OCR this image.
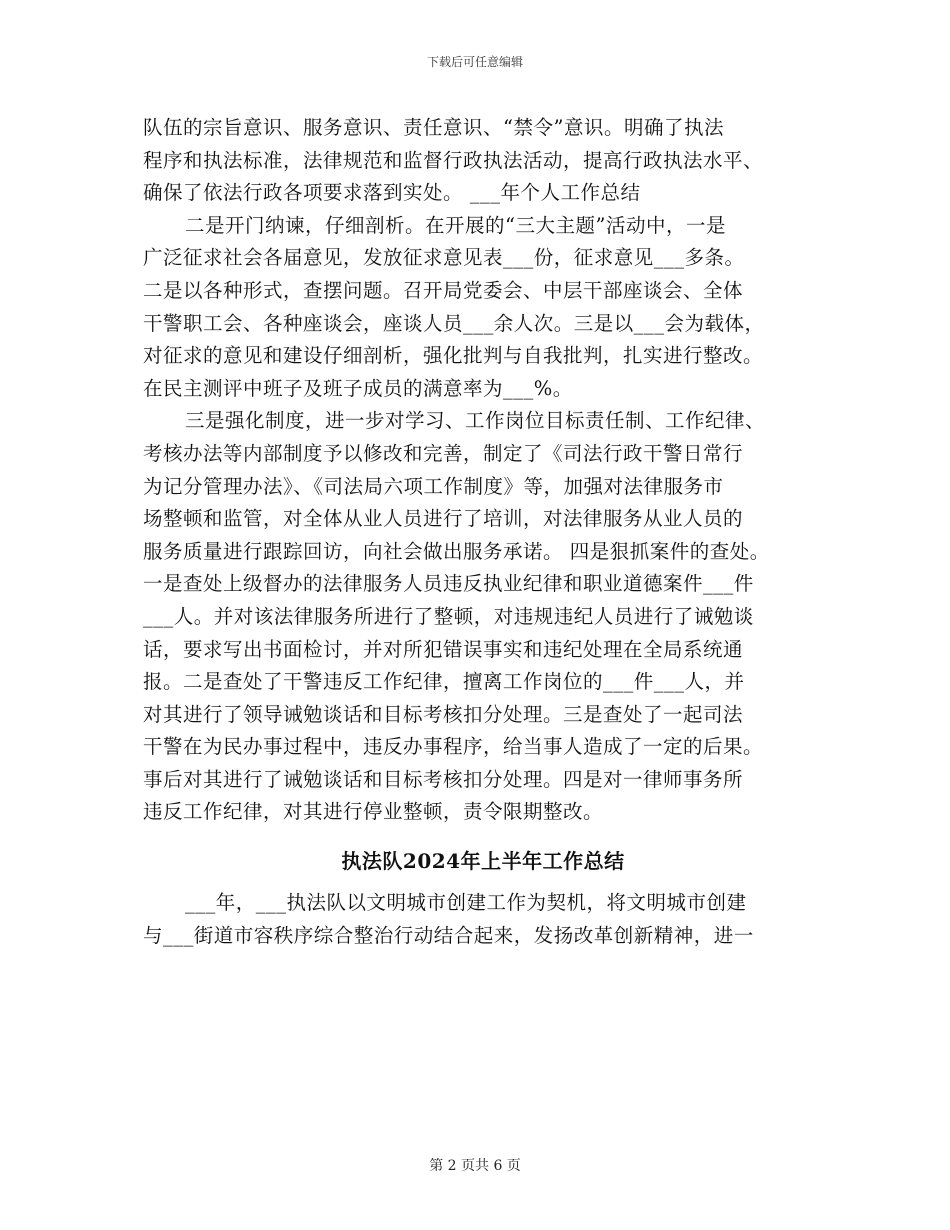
下载后可任意编辑
队伍的宗旨意识、服务意识、责任意识、“禁令”意识。明确了执法
程序和执法标准，法律规范和监督行政执法活动，提高行政执法水平、
确保了依法行政各项要求落到实处。 ___年个人工作总结
二是开门纳谏，仔细剖析。在开展的“三大主题”活动中，一是
广泛征求社会各届意见，发放征求意见表___份，征求意见___多条。
二是以各种形式，查摆问题。召开局党委会、中层干部座谈会、全体
干警职工会、各种座谈会，座谈人员___余人次。三是以___会为载体，
对征求的意见和建设仔细剖析，强化批判与自我批判，扎实进行整改。
在民主测评中班子及班子成员的满意率为___%。
三是强化制度，进一步对学习、工作岗位目标责任制、工作纪律、
考核办法等内部制度予以修改和完善，制定了《司法行政干警日常行
为记分管理办法》、《司法局六项工作制度》等，加强对法律服务市
场整顿和监管，对全体从业人员进行了培训，对法律服务从业人员的
服务质量进行跟踪回访，向社会做出服务承诺。 四是狠抓案件的查处。
一是查处上级督办的法律服务人员违反执业纪律和职业道德案件___件
___人。并对该法律服务所进行了整顿，对违规违纪人员进行了诫勉谈
话，要求写出书面检讨，并对所犯错误事实和违纪处理在全局系统通
报。二是查处了干警违反工作纪律，擅离工作岗位的___件___人，并
对其进行了领导诫勉谈话和目标考核扣分处理。三是查处了一起司法
干警在为民办事过程中，违反办事程序，给当事人造成了一定的后果。
事后对其进行了诫勉谈话和目标考核扣分处理。四是对一律师事务所
违反工作纪律，对其进行停业整顿，责令限期整改。
执法队2024年上半年工作总结
___年，___执法队以文明城市创建工作为契机，将文明城市创建
与___街道市容秩序综合整治行动结合起来，发扬改革创新精神，进一
第 2 页共 6 页
